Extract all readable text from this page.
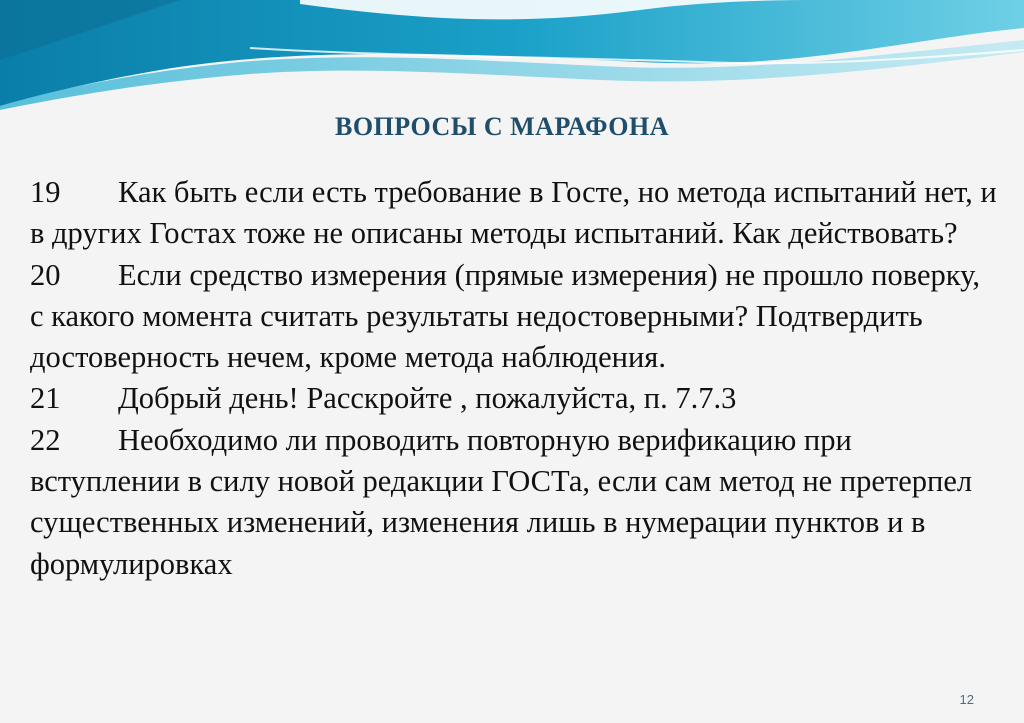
ВОПРОСЫ С МАРАФОНА

19 Как быть если есть требование в Госте, но метода испытаний нет, и в других Гостах тоже не описаны методы испытаний. Как действовать?

20 Если средство измерения (прямые измерения) не прошло поверку, с какого момента считать результаты недостоверными? Подтвердить достоверность нечем, кроме метода наблюдения.

21 Добрый день! Расскройте , пожалуйста, п. 7.7.3

22 Необходимо ли проводить повторную верификацию при вступлении в силу новой редакции ГОСТа, если сам метод не претерпел существенных изменений, изменения лишь в нумерации пунктов и в формулировках

12
